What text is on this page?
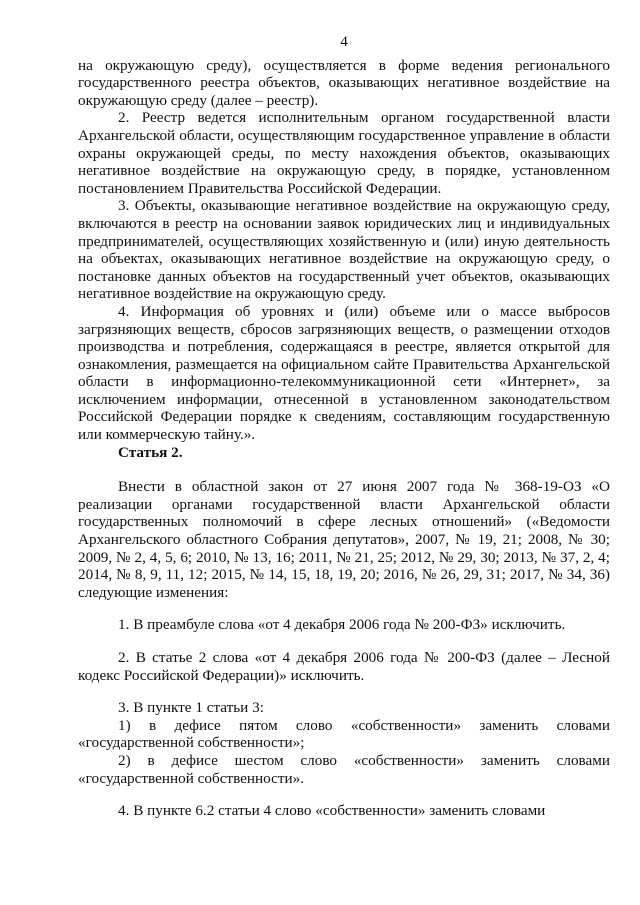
4

на окружающую среду), осуществляется в форме ведения регионального государственного реестра объектов, оказывающих негативное воздействие на окружающую среду (далее – реестр).

2. Реестр ведется исполнительным органом государственной власти Архангельской области, осуществляющим государственное управление в области охраны окружающей среды, по месту нахождения объектов, оказывающих негативное воздействие на окружающую среду, в порядке, установленном постановлением Правительства Российской Федерации.

3. Объекты, оказывающие негативное воздействие на окружающую среду, включаются в реестр на основании заявок юридических лиц и индивидуальных предпринимателей, осуществляющих хозяйственную и (или) иную деятельность на объектах, оказывающих негативное воздействие на окружающую среду, о постановке данных объектов на государственный учет объектов, оказывающих негативное воздействие на окружающую среду.

4. Информация об уровнях и (или) объеме или о массе выбросов загрязняющих веществ, сбросов загрязняющих веществ, о размещении отходов производства и потребления, содержащаяся в реестре, является открытой для ознакомления, размещается на официальном сайте Правительства Архангельской области в информационно-телекоммуникационной сети «Интернет», за исключением информации, отнесенной в установленном законодательством Российской Федерации порядке к сведениям, составляющим государственную или коммерческую тайну.».

Статья 2.

Внести в областной закон от 27 июня 2007 года № 368-19-ОЗ «О реализации органами государственной власти Архангельской области государственных полномочий в сфере лесных отношений» («Ведомости Архангельского областного Собрания депутатов», 2007, № 19, 21; 2008, № 30; 2009, № 2, 4, 5, 6; 2010, № 13, 16; 2011, № 21, 25; 2012, № 29, 30; 2013, № 37, 2, 4; 2014, № 8, 9, 11, 12; 2015, № 14, 15, 18, 19, 20; 2016, № 26, 29, 31; 2017, № 34, 36) следующие изменения:

1. В преамбуле слова «от 4 декабря 2006 года № 200-ФЗ» исключить.

2. В статье 2 слова «от 4 декабря 2006 года № 200-ФЗ (далее – Лесной кодекс Российской Федерации)» исключить.

3. В пункте 1 статьи 3:

1) в дефисе пятом слово «собственности» заменить словами «государственной собственности»;

2) в дефисе шестом слово «собственности» заменить словами «государственной собственности».

4. В пункте 6.2 статьи 4 слово «собственности» заменить словами
